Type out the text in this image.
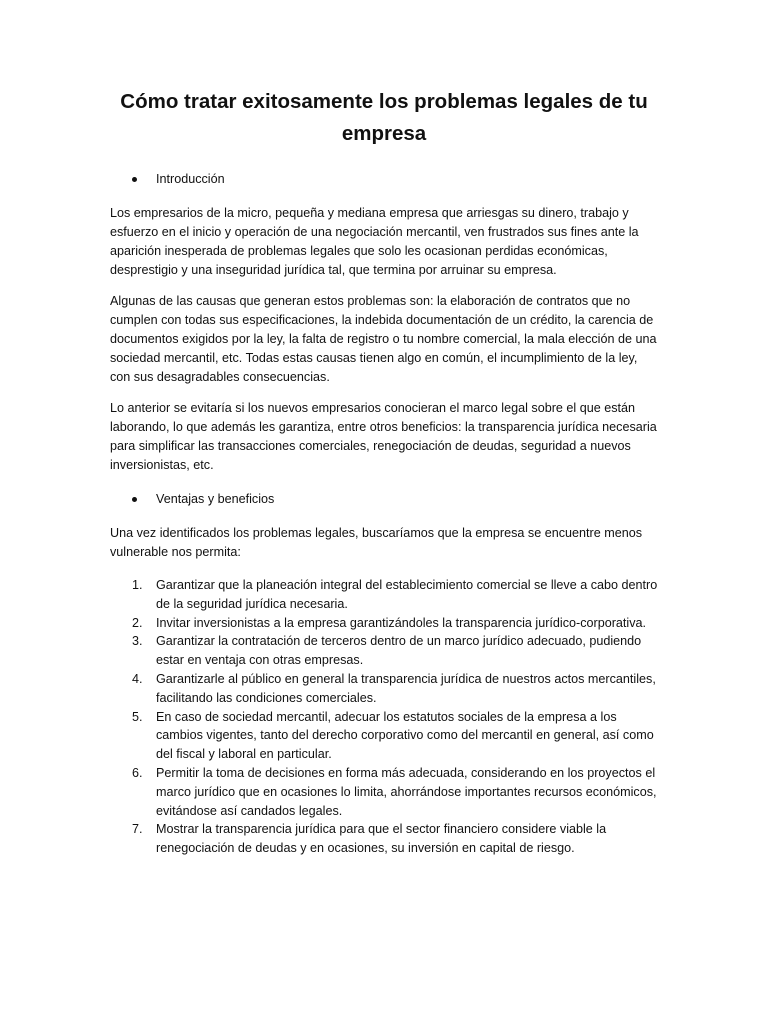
Cómo tratar exitosamente los problemas legales de tu empresa
Introducción

Los empresarios de la micro, pequeña y mediana empresa que arriesgas su dinero, trabajo y esfuerzo en el inicio y operación de una negociación mercantil, ven frustrados sus fines ante la aparición inesperada de problemas legales que solo les ocasionan perdidas económicas, desprestigio y una inseguridad jurídica tal, que termina por arruinar su empresa.

Algunas de las causas que generan estos problemas son: la elaboración de contratos que no cumplen con todas sus especificaciones, la indebida documentación de un crédito, la carencia de documentos exigidos por la ley, la falta de registro o tu nombre comercial, la mala elección de una sociedad mercantil, etc. Todas estas causas tienen algo en común, el incumplimiento de la ley, con sus desagradables consecuencias.

Lo anterior se evitaría si los nuevos empresarios conocieran el marco legal sobre el que están laborando, lo que además les garantiza, entre otros beneficios: la transparencia jurídica necesaria para simplificar las transacciones comerciales, renegociación de deudas, seguridad a nuevos inversionistas, etc.

Ventajas y beneficios

Una vez identificados los problemas legales, buscaríamos que la empresa se encuentre menos vulnerable nos permita:

1. Garantizar que la planeación integral del establecimiento comercial se lleve a cabo dentro de la seguridad jurídica necesaria.
2. Invitar inversionistas a la empresa garantizándoles la transparencia jurídico-corporativa.
3. Garantizar la contratación de terceros dentro de un marco jurídico adecuado, pudiendo estar en ventaja con otras empresas.
4. Garantizarle al público en general la transparencia jurídica de nuestros actos mercantiles, facilitando las condiciones comerciales.
5. En caso de sociedad mercantil, adecuar los estatutos sociales de la empresa a los cambios vigentes, tanto del derecho corporativo como del mercantil en general, así como del fiscal y laboral en particular.
6. Permitir la toma de decisiones en forma más adecuada, considerando en los proyectos el marco jurídico que en ocasiones lo limita, ahorrándose importantes recursos económicos, evitándose así candados legales.
7. Mostrar la transparencia jurídica para que el sector financiero considere viable la renegociación de deudas y en ocasiones, su inversión en capital de riesgo.
